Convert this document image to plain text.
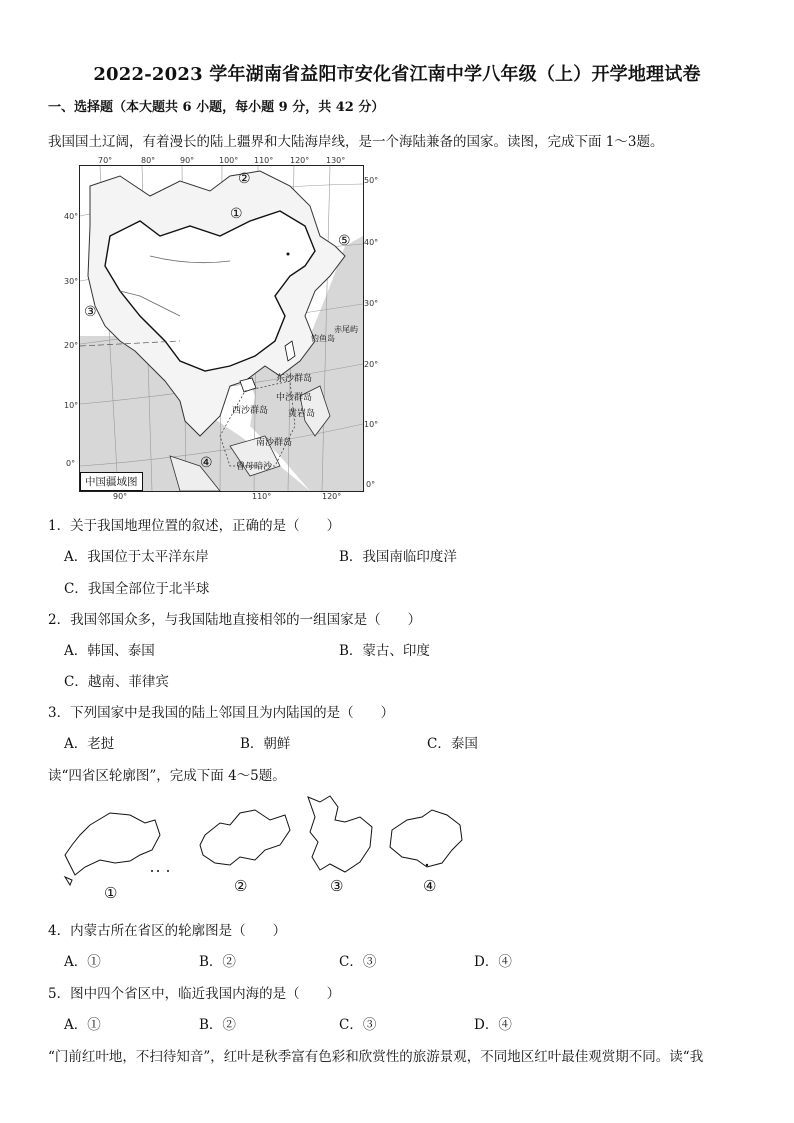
2022-2023 学年湖南省益阳市安化省江南中学八年级（上）开学地理试卷
一、选择题（本大题共 6 小题，每小题 9 分，共 42 分）
我国国土辽阔，有着漫长的陆上疆界和大陆海岸线，是一个海陆兼备的国家。读图，完成下面 1～3题。
70°	80°	90°	100° 110° 120° 130°
40°
30°
20°
10°
0°
50°
40°
30°
20°
10°
0°
90°	110°	120°
②
①
③
⑤
④
赤尾屿
钓鱼岛
东沙群岛
中沙群岛
西沙群岛 黄岩岛
南沙群岛
曾母暗沙
中国疆域图
1．关于我国地理位置的叙述，正确的是（　　）
A．我国位于太平洋东岸	B．我国南临印度洋
C．我国全部位于北半球
2．我国邻国众多，与我国陆地直接相邻的一组国家是（　　）
A．韩国、泰国	B．蒙古、印度
C．越南、菲律宾
3．下列国家中是我国的陆上邻国且为内陆国的是（　　）
A．老挝	B．朝鲜	C．泰国
读“四省区轮廓图”，完成下面 4～5题。
①	②	③	④
4．内蒙古所在省区的轮廓图是（　　）
A．①	B．②	C．③	D．④
5．图中四个省区中，临近我国内海的是（　　）
A．①	B．②	C．③	D．④
“门前红叶地，不扫待知音”，红叶是秋季富有色彩和欣赏性的旅游景观，不同地区红叶最佳观赏期不同。读“我
